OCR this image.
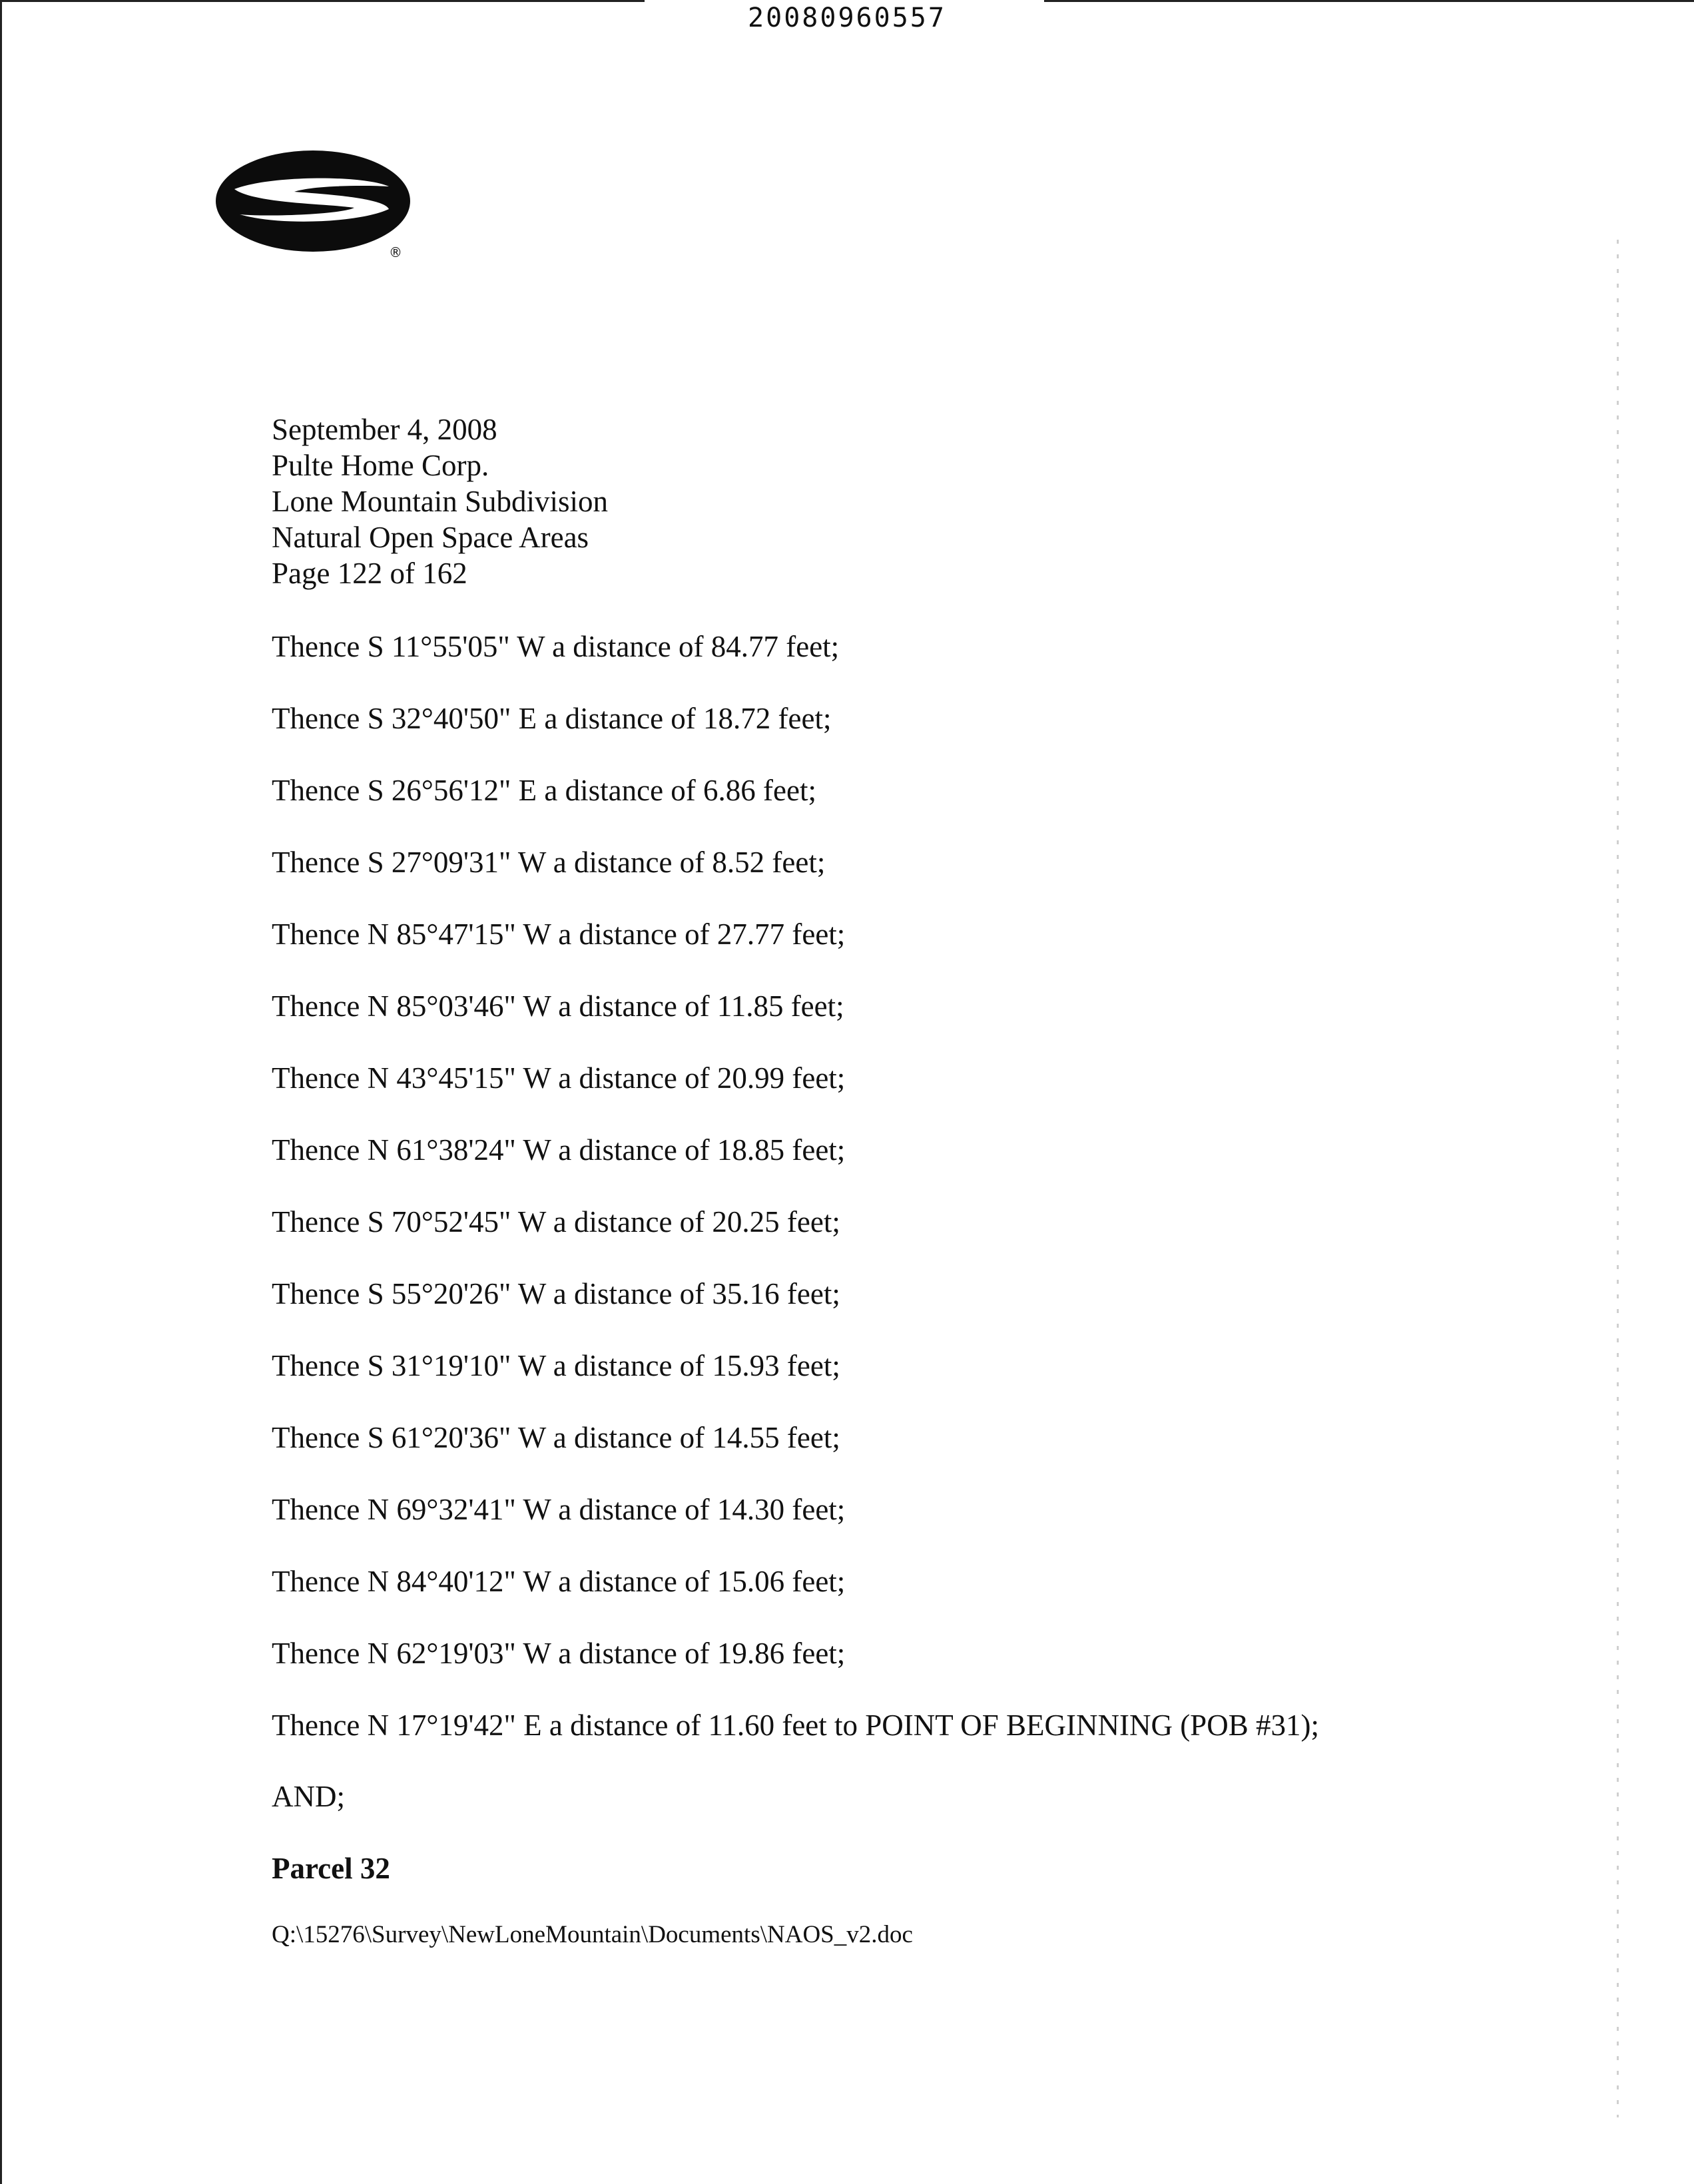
20080960557
®
September 4, 2008
Pulte Home Corp.
Lone Mountain Subdivision
Natural Open Space Areas
Page 122 of 162
Thence S 11°55'05" W a distance of 84.77 feet;
Thence S 32°40'50" E a distance of 18.72 feet;
Thence S 26°56'12" E a distance of 6.86 feet;
Thence S 27°09'31" W a distance of 8.52 feet;
Thence N 85°47'15" W a distance of 27.77 feet;
Thence N 85°03'46" W a distance of 11.85 feet;
Thence N 43°45'15" W a distance of 20.99 feet;
Thence N 61°38'24" W a distance of 18.85 feet;
Thence S 70°52'45" W a distance of 20.25 feet;
Thence S 55°20'26" W a distance of 35.16 feet;
Thence S 31°19'10" W a distance of 15.93 feet;
Thence S 61°20'36" W a distance of 14.55 feet;
Thence N 69°32'41" W a distance of 14.30 feet;
Thence N 84°40'12" W a distance of 15.06 feet;
Thence N 62°19'03" W a distance of 19.86 feet;
Thence N 17°19'42" E a distance of 11.60 feet to POINT OF BEGINNING (POB #31);
AND;
Parcel 32
Q:\15276\Survey\NewLoneMountain\Documents\NAOS_v2.doc
